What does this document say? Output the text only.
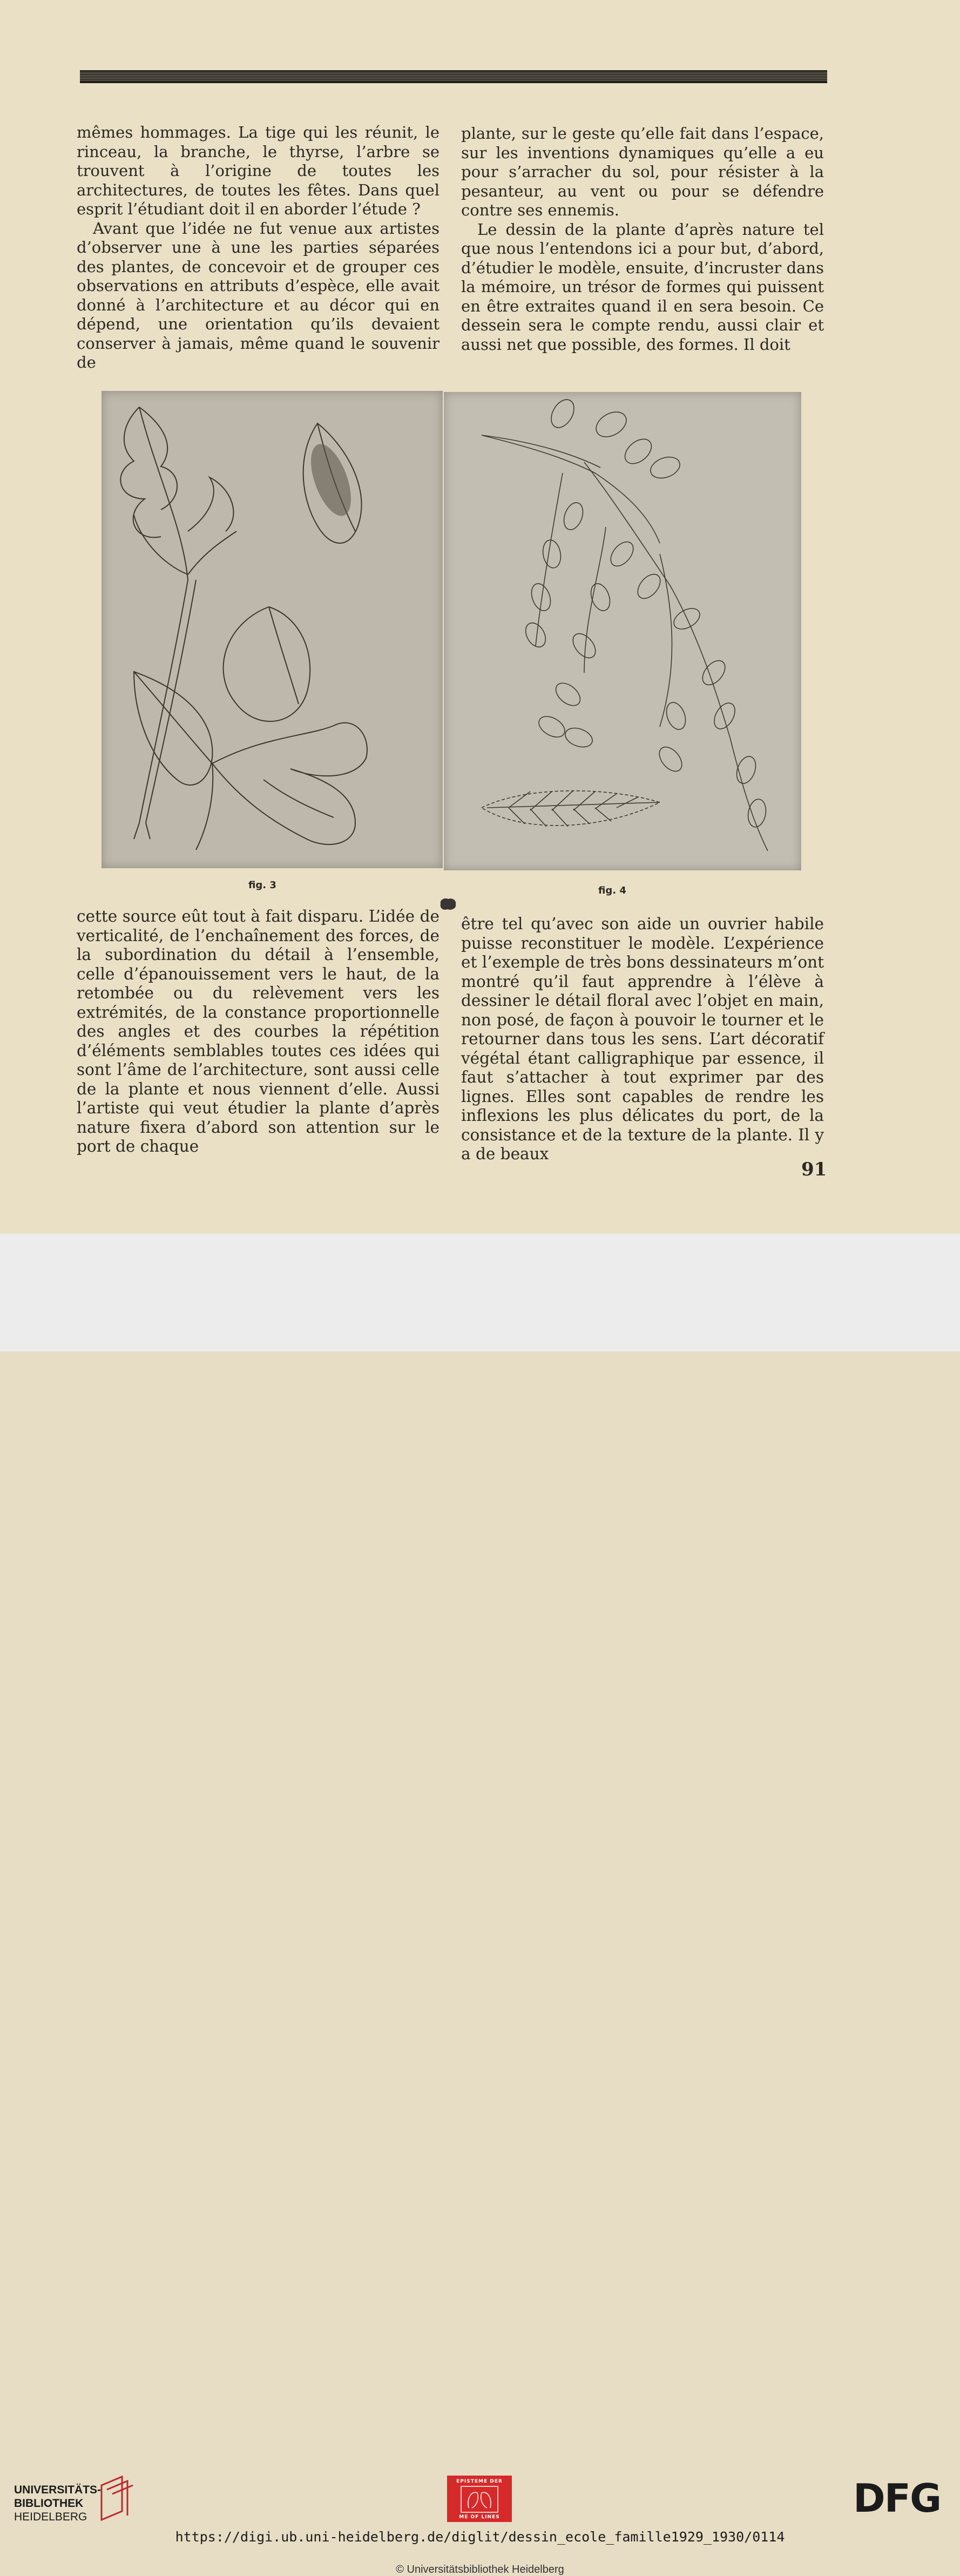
mêmes hommages. La tige qui les réunit, le rinceau, la branche, le thyrse, l’arbre se trouvent à l’origine de toutes les architectures, de toutes les fêtes. Dans quel esprit l’étudiant doit il en aborder l’étude ?

Avant que l’idée ne fut venue aux artistes d’observer une à une les parties séparées des plantes, de concevoir et de grouper ces observations en attributs d’espèce, elle avait donné à l’architecture et au décor qui en dépend, une orientation qu’ils devaient conserver à jamais, même quand le souvenir de

plante, sur le geste qu’elle fait dans l’espace, sur les inventions dynamiques qu’elle a eu pour s’arracher du sol, pour résister à la pesanteur, au vent ou pour se défendre contre ses ennemis.

Le dessin de la plante d’après nature tel que nous l’entendons ici a pour but, d’abord, d’étudier le modèle, ensuite, d’incruster dans la mémoire, un trésor de formes qui puissent en être extraites quand il en sera besoin. Ce dessein sera le compte rendu, aussi clair et aussi net que possible, des formes. Il doit

fig. 3	fig. 4

cette source eût tout à fait disparu. L’idée de verticalité, de l’enchaînement des forces, de la subordination du détail à l’ensemble, celle d’épanouissement vers le haut, de la retombée ou du relèvement vers les extrémités, de la constance proportionnelle des angles et des courbes la répétition d’éléments semblables toutes ces idées qui sont l’âme de l’architecture, sont aussi celle de la plante et nous viennent d’elle. Aussi l’artiste qui veut étudier la plante d’après nature fixera d’abord son attention sur le port de chaque

être tel qu’avec son aide un ouvrier habile puisse reconstituer le modèle. L’expérience et l’exemple de très bons dessinateurs m’ont montré qu’il faut apprendre à l’élève à dessiner le détail floral avec l’objet en main, non posé, de façon à pouvoir le tourner et le retourner dans tous les sens. L’art décoratif végétal étant calligraphique par essence, il faut s’attacher à tout exprimer par des lignes. Elles sont capables de rendre les inflexions les plus délicates du port, de la consistance et de la texture de la plante. Il y a de beaux

91
UNIVERSITÄTS-
BIBLIOTHEK
HEIDELBERG
EPISTEME DER
ME OF LINES	DFG
https://digi.ub.uni-heidelberg.de/diglit/dessin_ecole_famille1929_1930/0114
© Universitätsbibliothek Heidelberg
